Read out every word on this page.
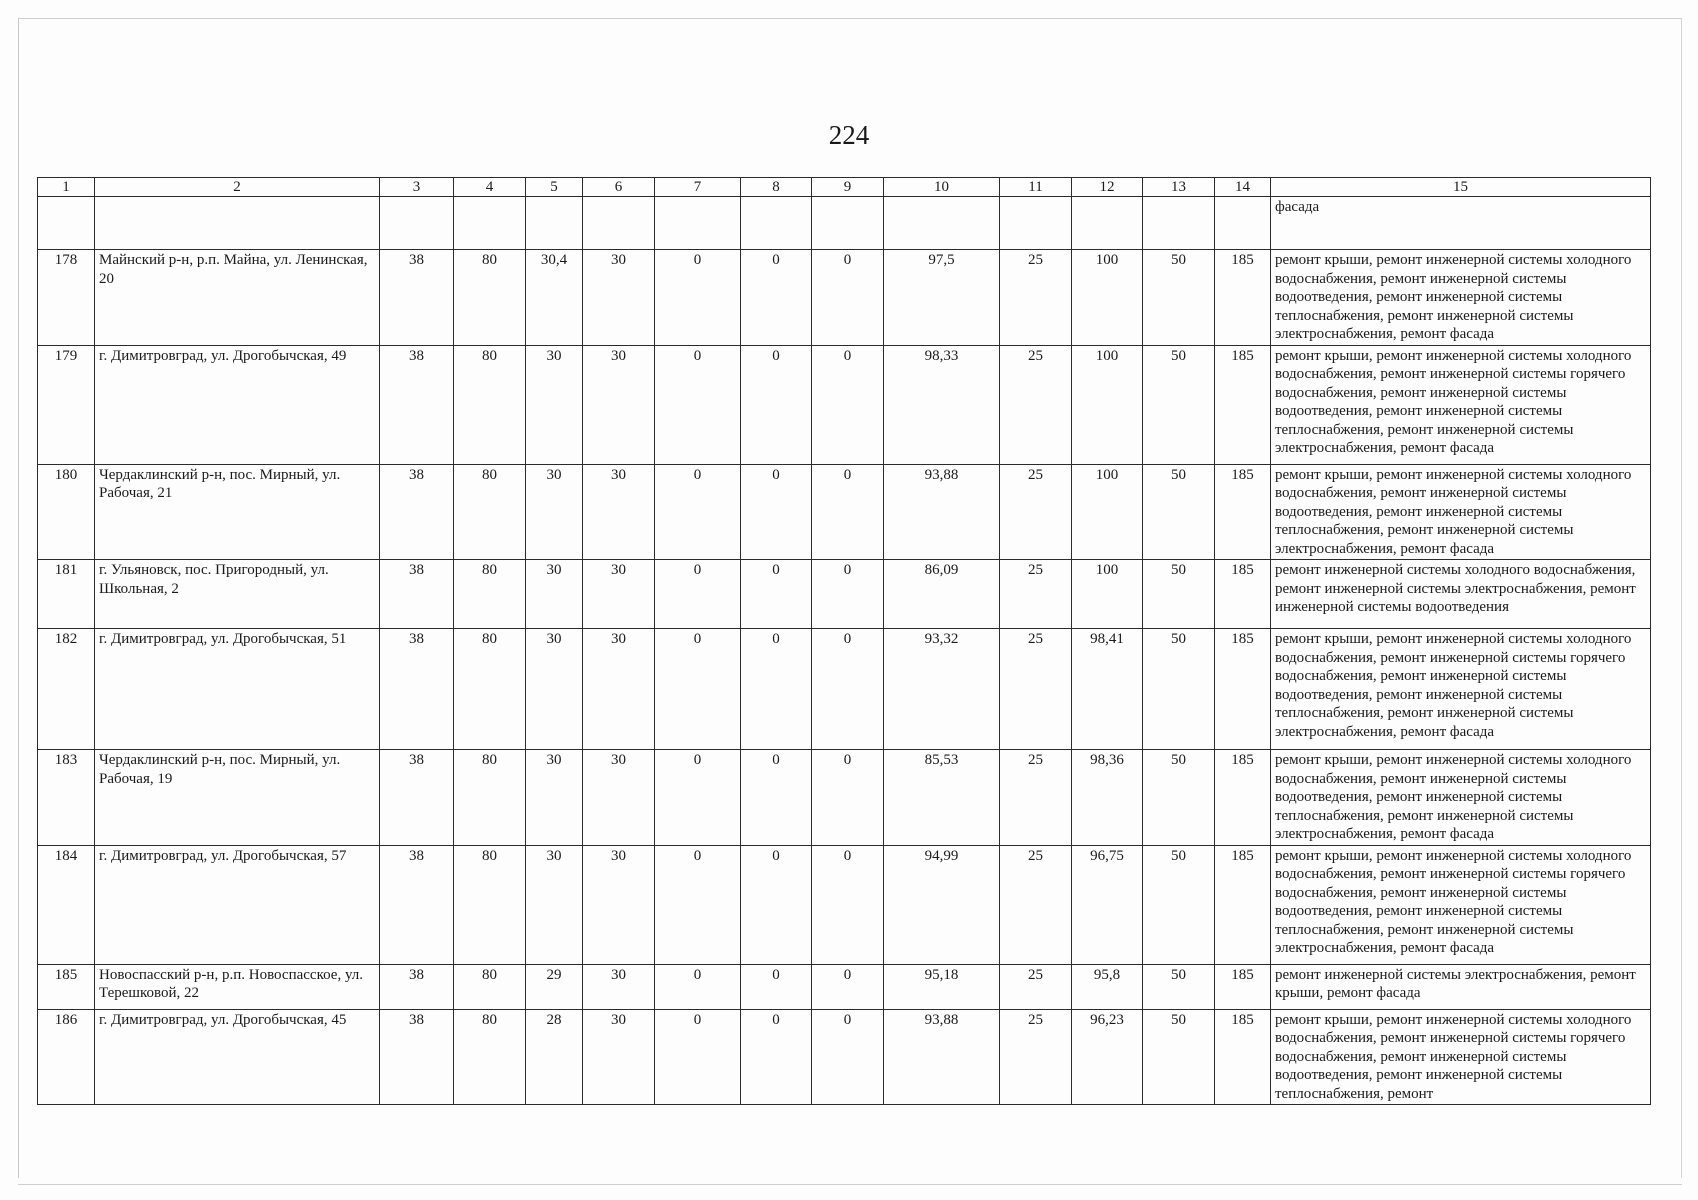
224
1	2	3	4	5	6	7	8	9	10	11	12	13	14	15
														фасада
178	Майнский р-н, р.п. Майна, ул. Ленинская, 20	38	80	30,4	30	0	0	0	97,5	25	100	50	185	ремонт крыши, ремонт инженерной системы холодного водоснабжения, ремонт инженерной системы водоотведения, ремонт инженерной системы теплоснабжения, ремонт инженерной системы электроснабжения, ремонт фасада
179	г. Димитровград, ул. Дрогобычская, 49	38	80	30	30	0	0	0	98,33	25	100	50	185	ремонт крыши, ремонт инженерной системы холодного водоснабжения, ремонт инженерной системы горячего водоснабжения, ремонт инженерной системы водоотведения, ремонт инженерной системы теплоснабжения, ремонт инженерной системы электроснабжения, ремонт фасада
180	Чердаклинский р-н, пос. Мирный, ул. Рабочая, 21	38	80	30	30	0	0	0	93,88	25	100	50	185	ремонт крыши, ремонт инженерной системы холодного водоснабжения, ремонт инженерной системы водоотведения, ремонт инженерной системы теплоснабжения, ремонт инженерной системы электроснабжения, ремонт фасада
181	г. Ульяновск, пос. Пригородный, ул. Школьная, 2	38	80	30	30	0	0	0	86,09	25	100	50	185	ремонт инженерной системы холодного водоснабжения, ремонт инженерной системы электроснабжения, ремонт инженерной системы водоотведения
182	г. Димитровград, ул. Дрогобычская, 51	38	80	30	30	0	0	0	93,32	25	98,41	50	185	ремонт крыши, ремонт инженерной системы холодного водоснабжения, ремонт инженерной системы горячего водоснабжения, ремонт инженерной системы водоотведения, ремонт инженерной системы теплоснабжения, ремонт инженерной системы электроснабжения, ремонт фасада
183	Чердаклинский р-н, пос. Мирный, ул. Рабочая, 19	38	80	30	30	0	0	0	85,53	25	98,36	50	185	ремонт крыши, ремонт инженерной системы холодного водоснабжения, ремонт инженерной системы водоотведения, ремонт инженерной системы теплоснабжения, ремонт инженерной системы электроснабжения, ремонт фасада
184	г. Димитровград, ул. Дрогобычская, 57	38	80	30	30	0	0	0	94,99	25	96,75	50	185	ремонт крыши, ремонт инженерной системы холодного водоснабжения, ремонт инженерной системы горячего водоснабжения, ремонт инженерной системы водоотведения, ремонт инженерной системы теплоснабжения, ремонт инженерной системы электроснабжения, ремонт фасада
185	Новоспасский р-н, р.п. Новоспасское, ул. Терешковой, 22	38	80	29	30	0	0	0	95,18	25	95,8	50	185	ремонт инженерной системы электроснабжения, ремонт крыши, ремонт фасада
186	г. Димитровград, ул. Дрогобычская, 45	38	80	28	30	0	0	0	93,88	25	96,23	50	185	ремонт крыши, ремонт инженерной системы холодного водоснабжения, ремонт инженерной системы горячего водоснабжения, ремонт инженерной системы водоотведения, ремонт инженерной системы теплоснабжения, ремонт
